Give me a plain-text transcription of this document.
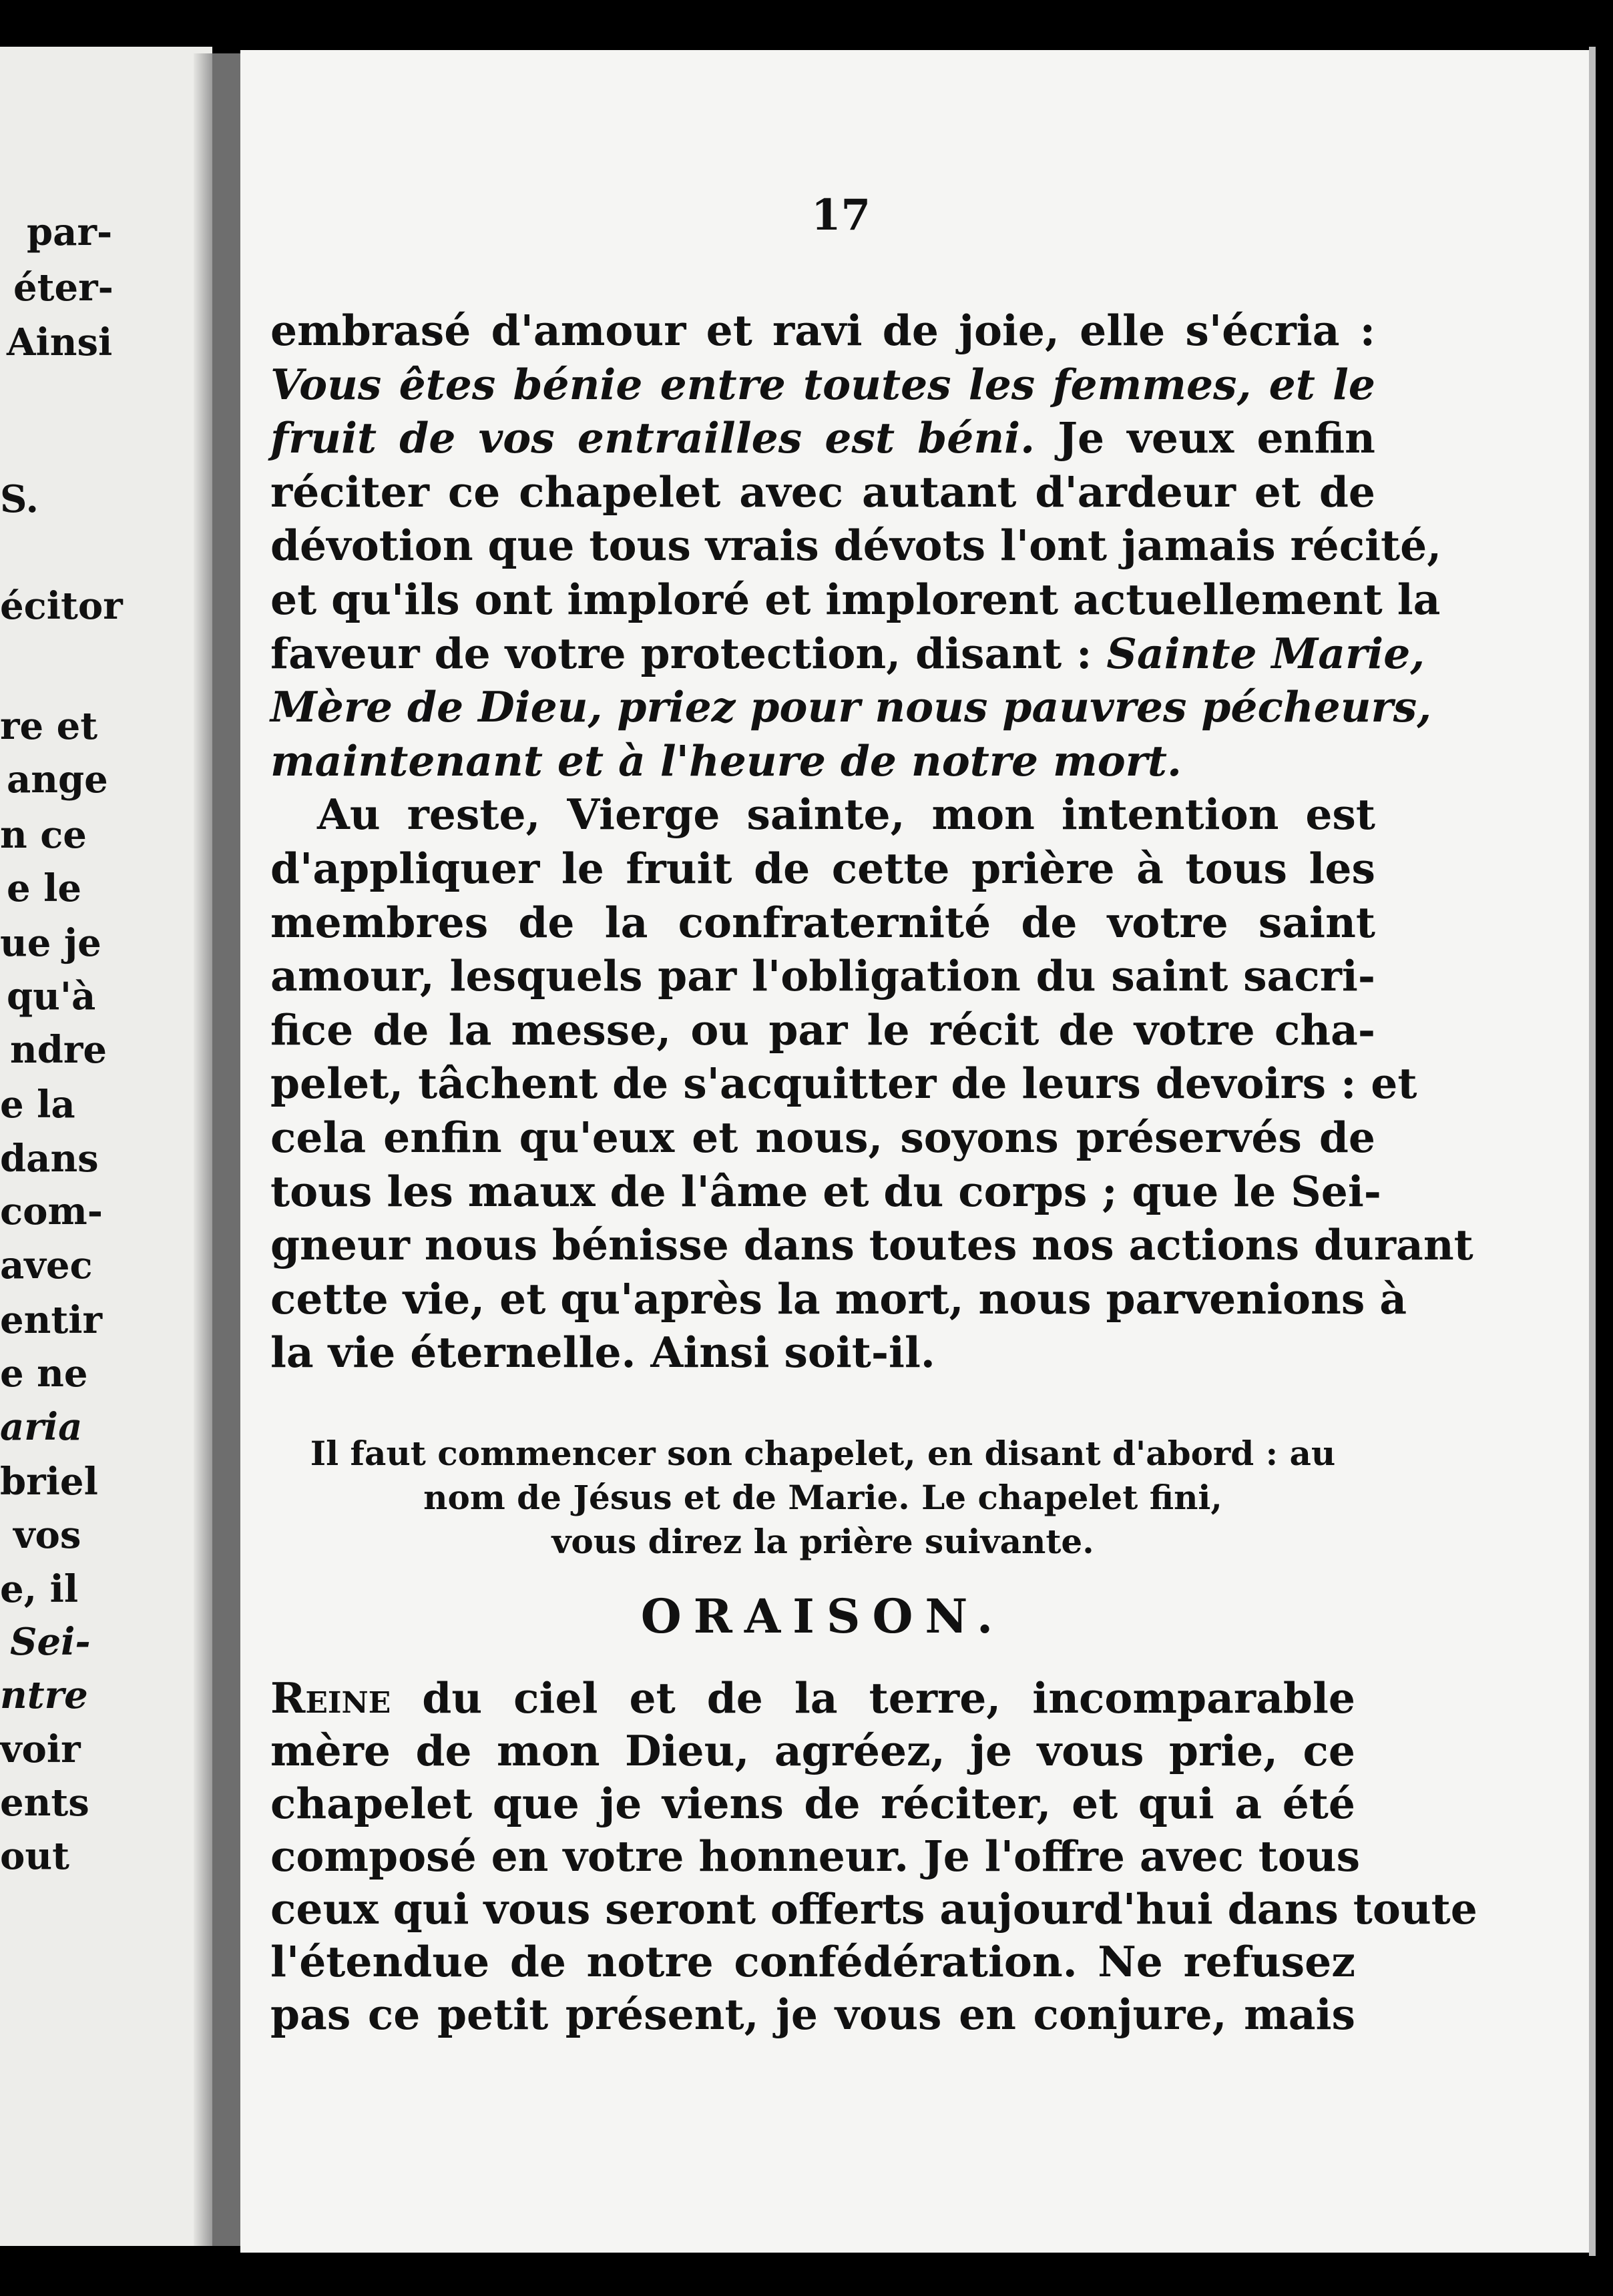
par-
éter-
Ainsi
S.
écitor
re et
ange
n ce
e le
ue je
qu'à
ndre
e la
dans
com-
avec
entir
e ne
aria
briel
vos
e, il
Sei-
ntre
voir
ents
out
17
embrasé d'amour et ravi de joie, elle s'écria :
Vous êtes bénie entre toutes les femmes, et le
fruit de vos entrailles est béni. Je veux enfin
réciter ce chapelet avec autant d'ardeur et de
dévotion que tous vrais dévots l'ont jamais récité,
et qu'ils ont imploré et implorent actuellement la
faveur de votre protection, disant : Sainte Marie,
Mère de Dieu, priez pour nous pauvres pécheurs,
maintenant et à l'heure de notre mort.
Au reste, Vierge sainte, mon intention est
d'appliquer le fruit de cette prière à tous les
membres de la confraternité de votre saint
amour, lesquels par l'obligation du saint sacri-
fice de la messe, ou par le récit de votre cha-
pelet, tâchent de s'acquitter de leurs devoirs : et
cela enfin qu'eux et nous, soyons préservés de
tous les maux de l'âme et du corps ; que le Sei-
gneur nous bénisse dans toutes nos actions durant
cette vie, et qu'après la mort, nous parvenions à
la vie éternelle. Ainsi soit-il.
Il faut commencer son chapelet, en disant d'abord : au
nom de Jésus et de Marie. Le chapelet fini,
vous direz la prière suivante.
ORAISON.
Reine du ciel et de la terre, incomparable
mère de mon Dieu, agréez, je vous prie, ce
chapelet que je viens de réciter, et qui a été
composé en votre honneur. Je l'offre avec tous
ceux qui vous seront offerts aujourd'hui dans toute
l'étendue de notre confédération. Ne refusez
pas ce petit présent, je vous en conjure, mais
